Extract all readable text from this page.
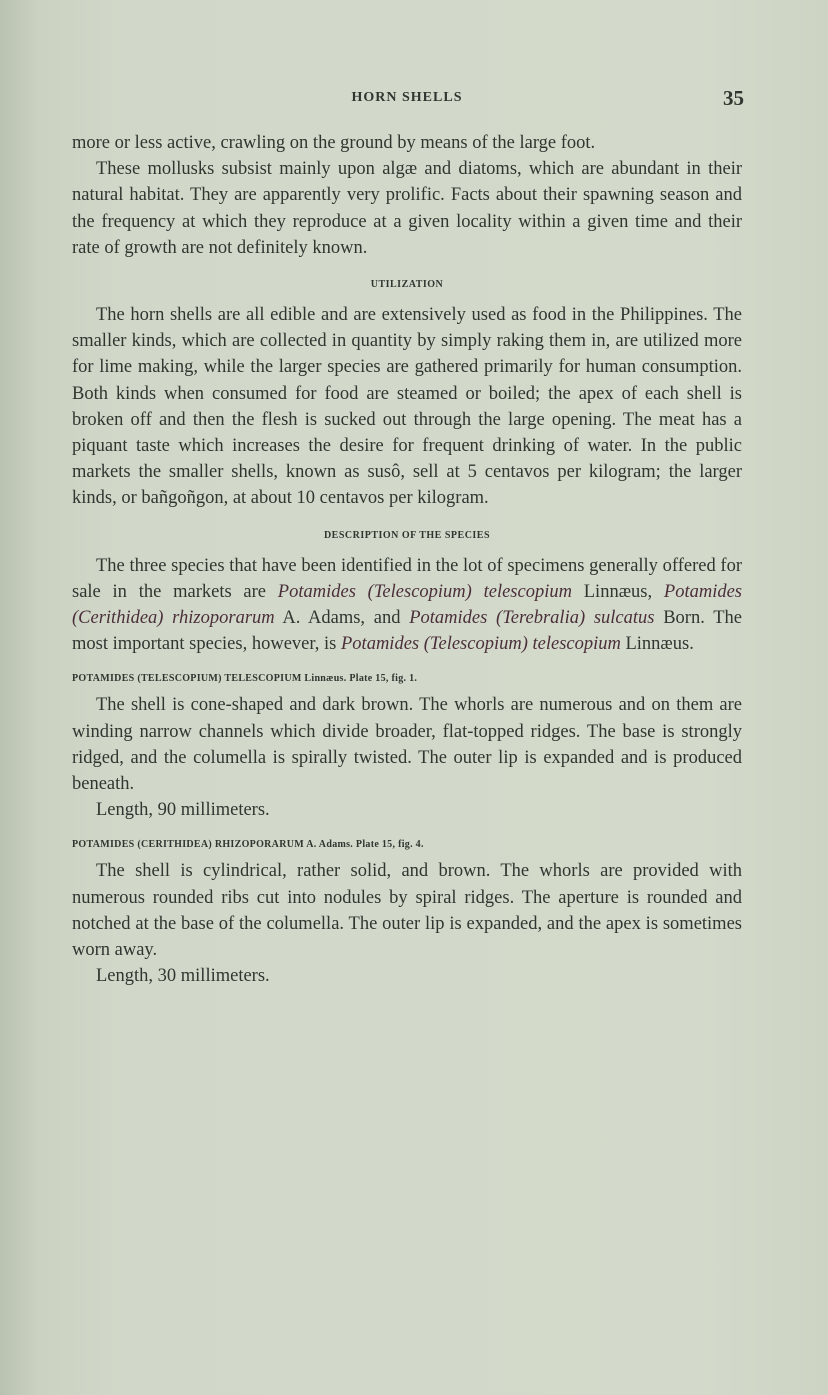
HORN SHELLS	35

more or less active, crawling on the ground by means of the large foot.

These mollusks subsist mainly upon algæ and diatoms, which are abundant in their natural habitat. They are apparently very prolific. Facts about their spawning season and the frequency at which they reproduce at a given locality within a given time and their rate of growth are not definitely known.

UTILIZATION

The horn shells are all edible and are extensively used as food in the Philippines. The smaller kinds, which are collected in quantity by simply raking them in, are utilized more for lime making, while the larger species are gathered primarily for human consumption. Both kinds when consumed for food are steamed or boiled; the apex of each shell is broken off and then the flesh is sucked out through the large opening. The meat has a piquant taste which increases the desire for frequent drinking of water. In the public markets the smaller shells, known as susô, sell at 5 centavos per kilogram; the larger kinds, or bañgoñgon, at about 10 centavos per kilogram.

DESCRIPTION OF THE SPECIES

The three species that have been identified in the lot of specimens generally offered for sale in the markets are Potamides (Telescopium) telescopium Linnæus, Potamides (Cerithidea) rhizoporarum A. Adams, and Potamides (Terebralia) sulcatus Born. The most important species, however, is Potamides (Telescopium) telescopium Linnæus.

POTAMIDES (TELESCOPIUM) TELESCOPIUM Linnæus. Plate 15, fig. 1.

The shell is cone-shaped and dark brown. The whorls are numerous and on them are winding narrow channels which divide broader, flat-topped ridges. The base is strongly ridged, and the columella is spirally twisted. The outer lip is expanded and is produced beneath.

Length, 90 millimeters.

POTAMIDES (CERITHIDEA) RHIZOPORARUM A. Adams. Plate 15, fig. 4.

The shell is cylindrical, rather solid, and brown. The whorls are provided with numerous rounded ribs cut into nodules by spiral ridges. The aperture is rounded and notched at the base of the columella. The outer lip is expanded, and the apex is sometimes worn away.

Length, 30 millimeters.
